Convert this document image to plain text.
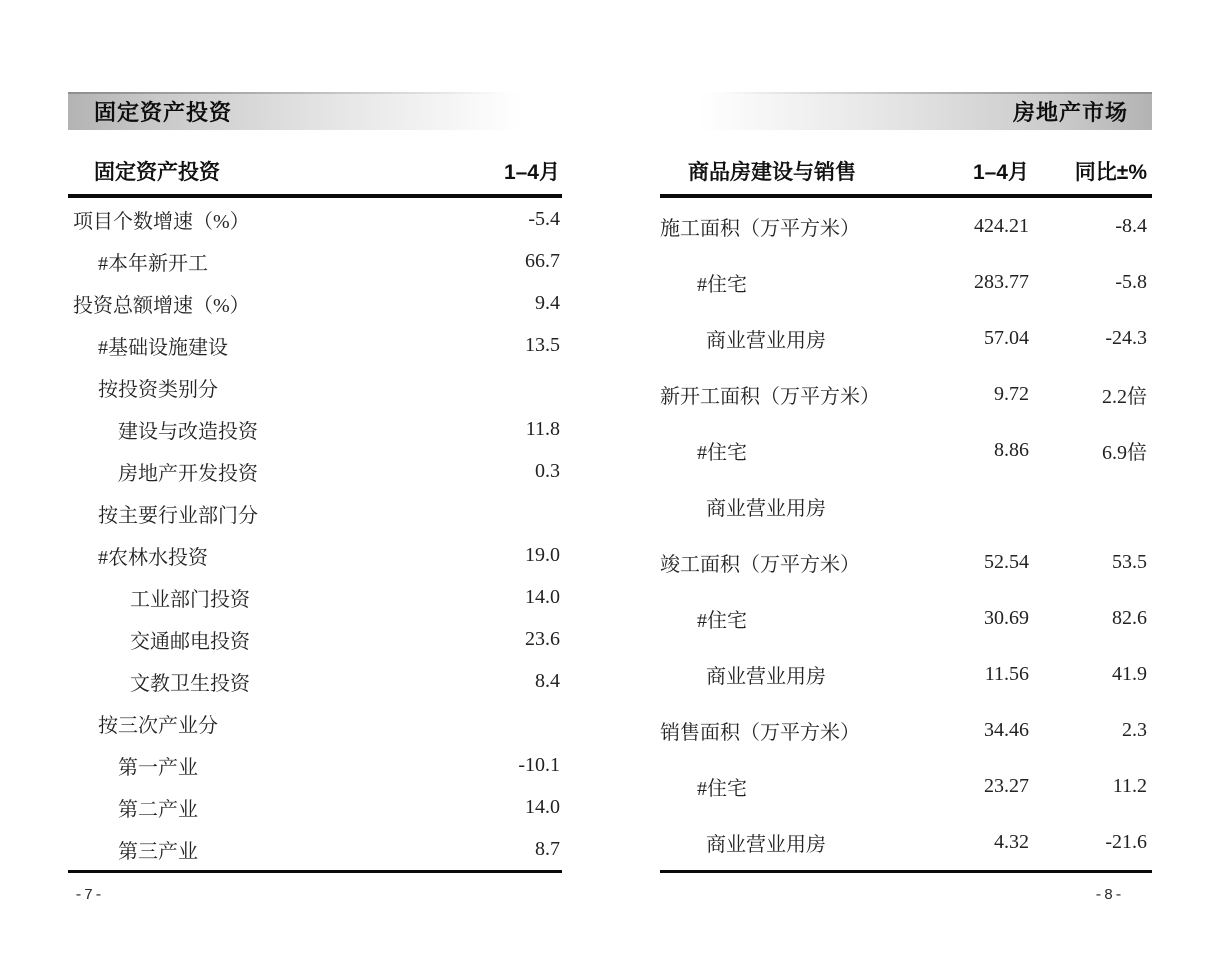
固定资产投资
固定资产投资	1–4月
项目个数增速（%）	-5.4
#本年新开工	66.7
投资总额增速（%）	9.4
#基础设施建设	13.5
按投资类别分
建设与改造投资	11.8
房地产开发投资	0.3
按主要行业部门分
#农林水投资	19.0
工业部门投资	14.0
交通邮电投资	23.6
文教卫生投资	8.4
按三次产业分
第一产业	-10.1
第二产业	14.0
第三产业	8.7
-7-
房地产市场
商品房建设与销售	1–4月	同比±%
施工面积（万平方米）	424.21	-8.4
#住宅	283.77	-5.8
商业营业用房	57.04	-24.3
新开工面积（万平方米）	9.72	2.2倍
#住宅	8.86	6.9倍
商业营业用房
竣工面积（万平方米）	52.54	53.5
#住宅	30.69	82.6
商业营业用房	11.56	41.9
销售面积（万平方米）	34.46	2.3
#住宅	23.27	11.2
商业营业用房	4.32	-21.6
-8-
